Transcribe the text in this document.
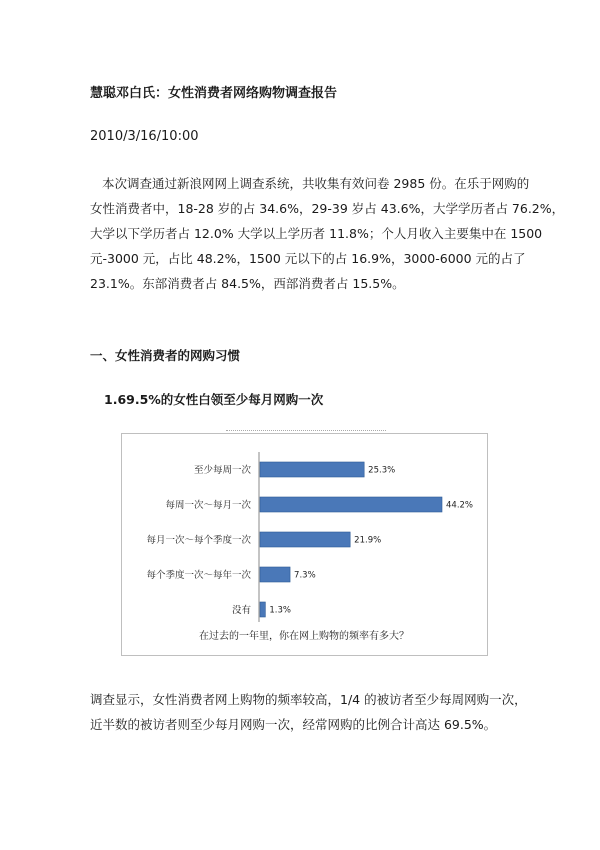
慧聪邓白氏：女性消费者网络购物调查报告
2010/3/16/10:00
本次调查通过新浪网网上调查系统，共收集有效问卷 2985 份。在乐于网购的
女性消费者中，18-28 岁的占 34.6%，29-39 岁占 43.6%，大学学历者占 76.2%，
大学以下学历者占 12.0% 大学以上学历者 11.8%；个人月收入主要集中在 1500
元-3000 元，占比 48.2%，1500 元以下的占 16.9%，3000-6000 元的占了
23.1%。东部消费者占 84.5%，西部消费者占 15.5%。
一、女性消费者的网购习惯
1.69.5%的女性白领至少每月网购一次
至少每周一次	25.3%
每周一次～每月一次	44.2%
每月一次～每个季度一次	21.9%
每个季度一次～每年一次	7.3%
没有 1.3%
在过去的一年里，你在网上购物的频率有多大？
调查显示，女性消费者网上购物的频率较高，1/4 的被访者至少每周网购一次，
近半数的被访者则至少每月网购一次，经常网购的比例合计高达 69.5%。
